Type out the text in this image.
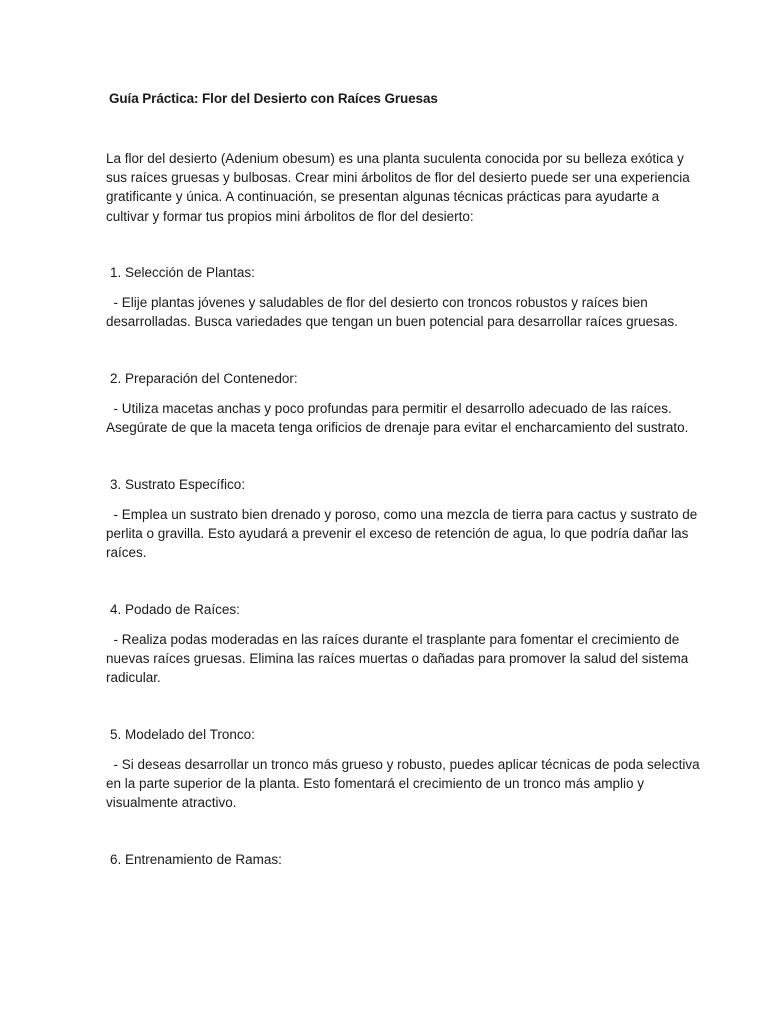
Guía Práctica: Flor del Desierto con Raíces Gruesas
La flor del desierto (Adenium obesum) es una planta suculenta conocida por su belleza exótica y
sus raíces gruesas y bulbosas. Crear mini árbolitos de flor del desierto puede ser una experiencia
gratificante y única. A continuación, se presentan algunas técnicas prácticas para ayudarte a
cultivar y formar tus propios mini árbolitos de flor del desierto:
1. Selección de Plantas:
- Elije plantas jóvenes y saludables de flor del desierto con troncos robustos y raíces bien
desarrolladas. Busca variedades que tengan un buen potencial para desarrollar raíces gruesas.
2. Preparación del Contenedor:
- Utiliza macetas anchas y poco profundas para permitir el desarrollo adecuado de las raíces.
Asegúrate de que la maceta tenga orificios de drenaje para evitar el encharcamiento del sustrato.
3. Sustrato Específico:
- Emplea un sustrato bien drenado y poroso, como una mezcla de tierra para cactus y sustrato de
perlita o gravilla. Esto ayudará a prevenir el exceso de retención de agua, lo que podría dañar las
raíces.
4. Podado de Raíces:
- Realiza podas moderadas en las raíces durante el trasplante para fomentar el crecimiento de
nuevas raíces gruesas. Elimina las raíces muertas o dañadas para promover la salud del sistema
radicular.
5. Modelado del Tronco:
- Si deseas desarrollar un tronco más grueso y robusto, puedes aplicar técnicas de poda selectiva
en la parte superior de la planta. Esto fomentará el crecimiento de un tronco más amplio y
visualmente atractivo.
6. Entrenamiento de Ramas:
